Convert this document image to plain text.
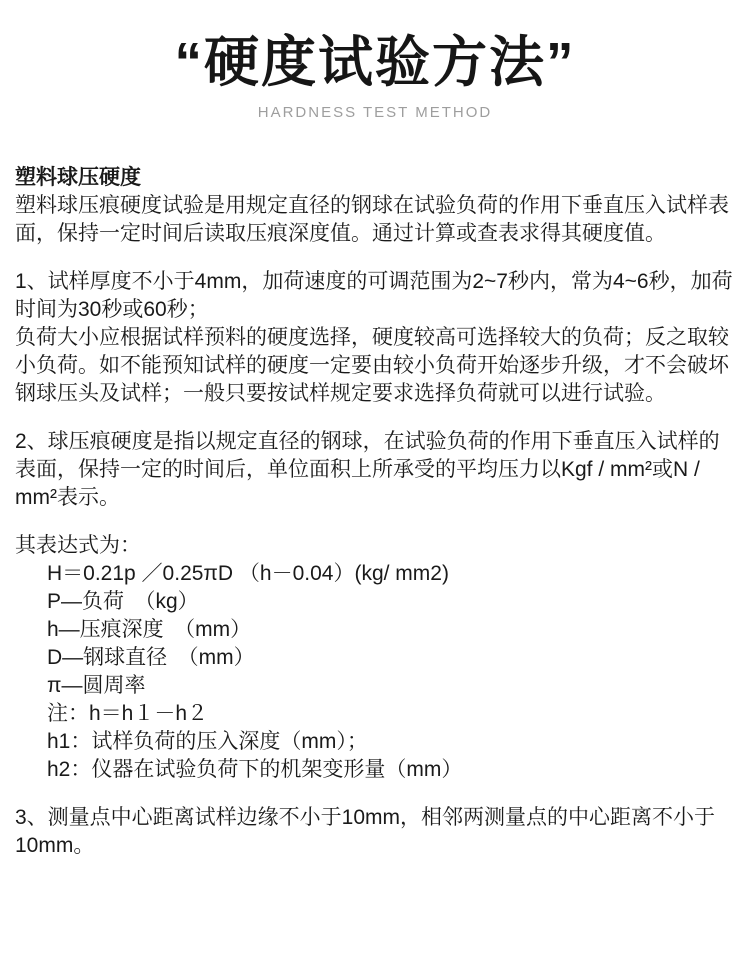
“硬度试验方法”
HARDNESS TEST METHOD
塑料球压硬度

塑料球压痕硬度试验是用规定直径的钢球在试验负荷的作用下垂直压入试样表面，保持一定时间后读取压痕深度值。通过计算或查表求得其硬度值。

1、试样厚度不小于4mm，加荷速度的可调范围为2~7秒内，常为4~6秒，加荷时间为30秒或60秒；

负荷大小应根据试样预料的硬度选择，硬度较高可选择较大的负荷；反之取较小负荷。如不能预知试样的硬度一定要由较小负荷开始逐步升级，才不会破坏钢球压头及试样；一般只要按试样规定要求选择负荷就可以进行试验。

2、球压痕硬度是指以规定直径的钢球，在试验负荷的作用下垂直压入试样的表面，保持一定的时间后，单位面积上所承受的平均压力以Kgf / mm²或N / mm²表示。

其表达式为：
H＝0.21p ／0.25πD （h－0.04）(kg/ mm2)
P—负荷　（kg）
h—压痕深度　（mm）
D—钢球直径　（mm）
π—圆周率
注：h＝h１－h２
h1：试样负荷的压入深度（mm）；
h2：仪器在试验负荷下的机架变形量（mm）

3、测量点中心距离试样边缘不小于10mm，相邻两测量点的中心距离不小于10mm。
